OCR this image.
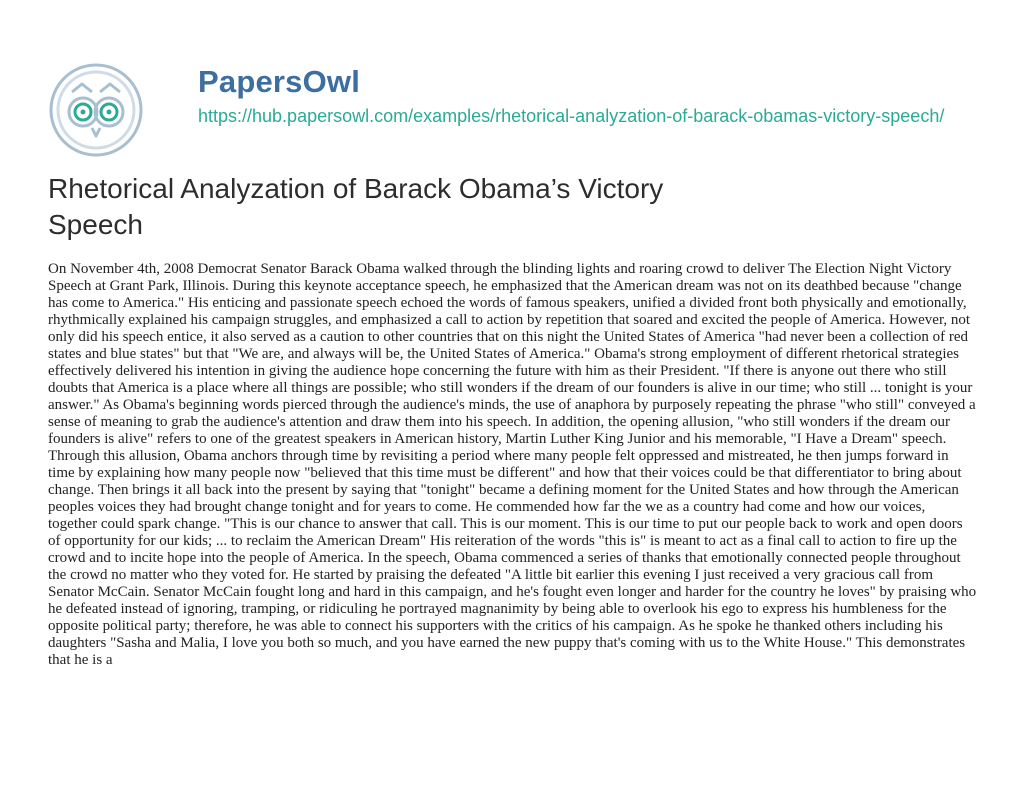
PapersOwl
https://hub.papersowl.com/examples/rhetorical-analyzation-of-barack-obamas-victory-speech/
Rhetorical Analyzation of Barack Obama’s Victory Speech

On November 4th, 2008 Democrat Senator Barack Obama walked through the blinding lights and roaring crowd to deliver The Election Night Victory Speech at Grant Park, Illinois. During this keynote acceptance speech, he emphasized that the American dream was not on its deathbed because "change has come to America." His enticing and passionate speech echoed the words of famous speakers, unified a divided front both physically and emotionally, rhythmically explained his campaign struggles, and emphasized a call to action by repetition that soared and excited the people of America. However, not only did his speech entice, it also served as a caution to other countries that on this night the United States of America "had never been a collection of red states and blue states" but that "We are, and always will be, the United States of America." Obama's strong employment of different rhetorical strategies effectively delivered his intention in giving the audience hope concerning the future with him as their President. "If there is anyone out there who still doubts that America is a place where all things are possible; who still wonders if the dream of our founders is alive in our time; who still ... tonight is your answer." As Obama's beginning words pierced through the audience's minds, the use of anaphora by purposely repeating the phrase "who still" conveyed a sense of meaning to grab the audience's attention and draw them into his speech. In addition, the opening allusion, "who still wonders if the dream our founders is alive" refers to one of the greatest speakers in American history, Martin Luther King Junior and his memorable, "I Have a Dream" speech. Through this allusion, Obama anchors through time by revisiting a period where many people felt oppressed and mistreated, he then jumps forward in time by explaining how many people now "believed that this time must be different" and how that their voices could be that differentiator to bring about change. Then brings it all back into the present by saying that "tonight" became a defining moment for the United States and how through the American peoples voices they had brought change tonight and for years to come. He commended how far the we as a country had come and how our voices, together could spark change. "This is our chance to answer that call. This is our moment. This is our time to put our people back to work and open doors of opportunity for our kids; ... to reclaim the American Dream" His reiteration of the words "this is" is meant to act as a final call to action to fire up the crowd and to incite hope into the people of America. In the speech, Obama commenced a series of thanks that emotionally connected people throughout the crowd no matter who they voted for. He started by praising the defeated "A little bit earlier this evening I just received a very gracious call from Senator McCain. Senator McCain fought long and hard in this campaign, and he's fought even longer and harder for the country he loves" by praising who he defeated instead of ignoring, tramping, or ridiculing he portrayed magnanimity by being able to overlook his ego to express his humbleness for the opposite political party; therefore, he was able to connect his supporters with the critics of his campaign. As he spoke he thanked others including his daughters "Sasha and Malia, I love you both so much, and you have earned the new puppy that's coming with us to the White House." This demonstrates that he is a
